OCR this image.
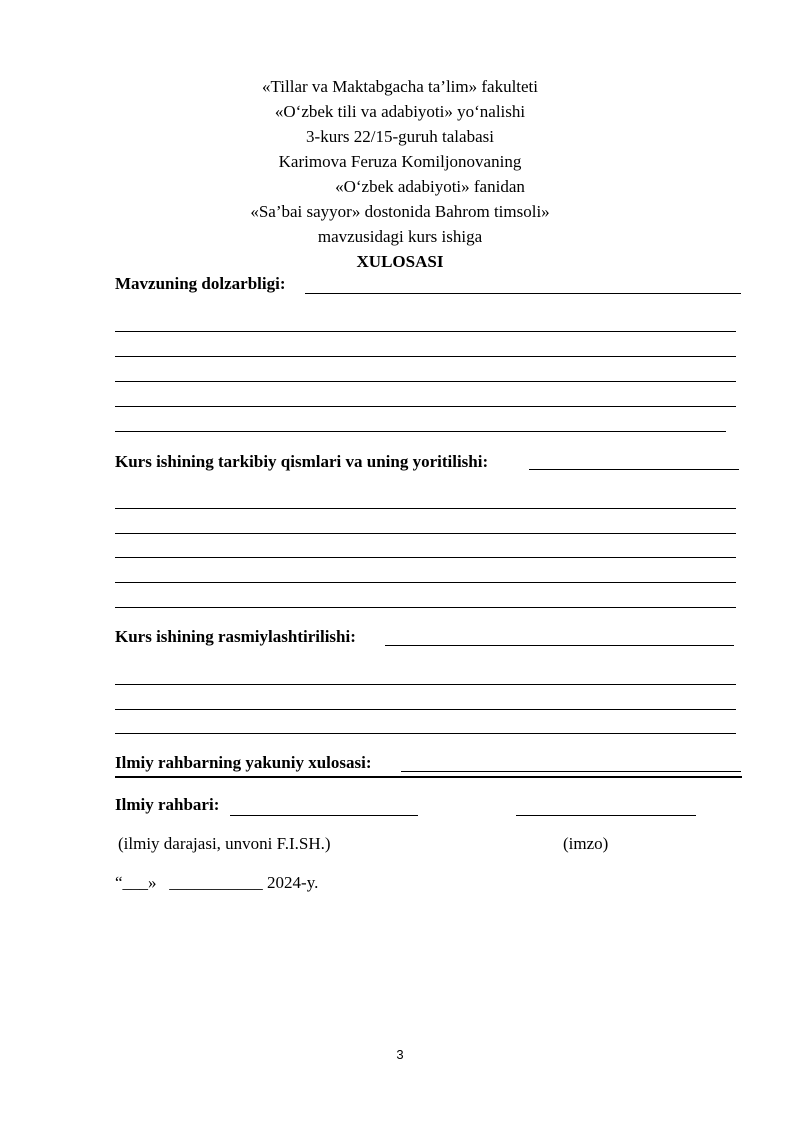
«Tillar va Maktabgacha ta’lim» fakulteti
«O‘zbek tili va adabiyoti» yo‘nalishi
3-kurs 22/15-guruh talabasi
Karimova Feruza Komiljonovaning
«O‘zbek adabiyoti» fanidan
«Sa’bai sayyor» dostonida Bahrom timsoli»
mavzusidagi kurs ishiga
XULOSASI
Mavzuning dolzarbligi:
Kurs ishining tarkibiy qismlari va uning yoritilishi:
Kurs ishining rasmiylashtirilishi:
Ilmiy rahbarning yakuniy xulosasi:
Ilmiy rahbari:
(ilmiy darajasi, unvoni F.I.SH.)	(imzo)
“___»   ___________ 2024-y.
3
